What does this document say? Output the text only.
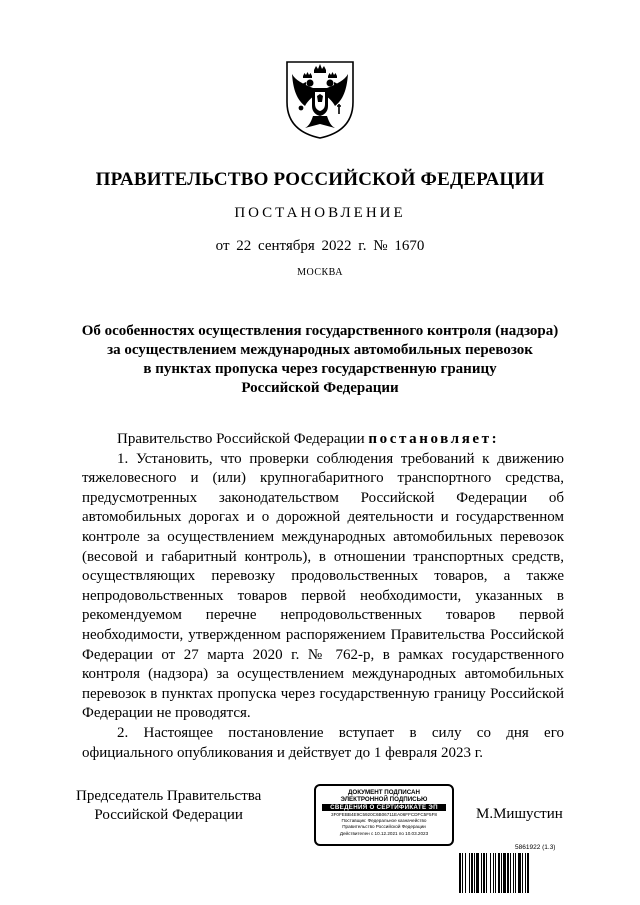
ПРАВИТЕЛЬСТВО РОССИЙСКОЙ ФЕДЕРАЦИИ
ПОСТАНОВЛЕНИЕ
от 22 сентября 2022 г. № 1670
МОСКВА
Об особенностях осуществления государственного контроля (надзора)
за осуществлением международных автомобильных перевозок
в пунктах пропуска через государственную границу
Российской Федерации

Правительство Российской Федерации постановляет:

1. Установить, что проверки соблюдения требований к движению тяжеловесного и (или) крупногабаритного транспортного средства, предусмотренных законодательством Российской Федерации об автомобильных дорогах и о дорожной деятельности и государственном контроле за осуществлением международных автомобильных перевозок (весовой и габаритный контроль), в отношении транспортных средств, осуществляющих перевозку продовольственных товаров, а также непродовольственных товаров первой необходимости, указанных в рекомендуемом перечне непродовольственных товаров первой необходимости, утвержденном распоряжением Правительства Российской Федерации от 27 марта 2020 г. № 762-р, в рамках государственного контроля (надзора) за осуществлением международных автомобильных перевозок в пунктах пропуска через государственную границу Российской Федерации не проводятся.

2. Настоящее постановление вступает в силу со дня его официального опубликования и действует до 1 февраля 2023 г.

Председатель Правительства
Российской Федерации
ДОКУМЕНТ ПОДПИСАН
ЭЛЕКТРОННОЙ ПОДПИСЬЮ
СВЕДЕНИЯ О СЕРТИФИКАТЕ ЭП
3F0FEBB4E9C5920C6B06711EA06FFCDFC5F5F8
Поставщик: Федеральное казначейство
Правительство Российской Федерации
Действителен с 10.12.2021 по 10.03.2023
М.Мишустин
5861922 (1.3)
